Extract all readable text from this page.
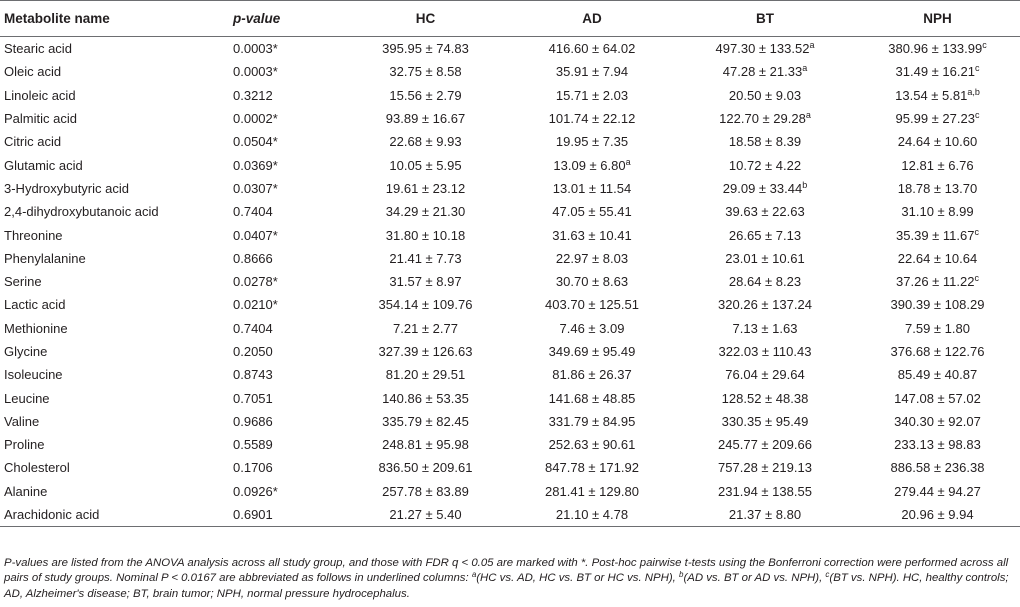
Metabolite name	p-value	HC	AD	BT	NPH
Stearic acid	0.0003*	395.95 ± 74.83	416.60 ± 64.02	497.30 ± 133.52$^a$	380.96 ± 133.99$^c$
Oleic acid	0.0003*	32.75 ± 8.58	35.91 ± 7.94	47.28 ± 21.33$^a$	31.49 ± 16.21$^c$
Linoleic acid	0.3212	15.56 ± 2.79	15.71 ± 2.03	20.50 ± 9.03	$13.54 \pm 5.81^{a,b}$
Palmitic acid	0.0002*	93.89 ± 16.67	101.74 ± 22.12	122.70 ± 29.28$^a$	95.99 ± 27.23$^c$
Citric acid	0.0504*	22.68 ± 9.93	19.95 ± 7.35	18.58 ± 8.39	24.64 ± 10.60
Glutamic acid	0.0369*	10.05 ± 5.95	13.09 ± 6.80$^a$	10.72 ± 4.22	12.81 ± 6.76
3-Hydroxybutyric acid	0.0307*	19.61 ± 23.12	13.01 ± 11.54	29.09 ± 33.44$^b$	18.78 ± 13.70
2,4-dihydroxybutanoic acid	0.7404	34.29 ± 21.30	47.05 ± 55.41	39.63 ± 22.63	31.10 ± 8.99
Threonine	0.0407*	31.80 ± 10.18	31.63 ± 10.41	26.65 ± 7.13	35.39 ± 11.67$^c$
Phenylalanine	0.8666	21.41 ± 7.73	22.97 ± 8.03	23.01 ± 10.61	22.64 ± 10.64
Serine	0.0278*	31.57 ± 8.97	30.70 ± 8.63	28.64 ± 8.23	37.26 ± 11.22$^c$
Lactic acid	0.0210*	354.14 ± 109.76	403.70 ± 125.51	320.26 ± 137.24	390.39 ± 108.29
Methionine	0.7404	7.21 ± 2.77	7.46 ± 3.09	7.13 ± 1.63	7.59 ± 1.80
Glycine	0.2050	327.39 ± 126.63	349.69 ± 95.49	322.03 ± 110.43	376.68 ± 122.76
Isoleucine	0.8743	81.20 ± 29.51	81.86 ± 26.37	76.04 ± 29.64	85.49 ± 40.87
Leucine	0.7051	140.86 ± 53.35	141.68 ± 48.85	128.52 ± 48.38	147.08 ± 57.02
Valine	0.9686	335.79 ± 82.45	331.79 ± 84.95	330.35 ± 95.49	340.30 ± 92.07
Proline	0.5589	248.81 ± 95.98	252.63 ± 90.61	245.77 ± 209.66	233.13 ± 98.83
Cholesterol	0.1706	836.50 ± 209.61	847.78 ± 171.92	757.28 ± 219.13	886.58 ± 236.38
Alanine	0.0926*	257.78 ± 83.89	281.41 ± 129.80	231.94 ± 138.55	279.44 ± 94.27
Arachidonic acid	0.6901	21.27 ± 5.40	21.10 ± 4.78	21.37 ± 8.80	20.96 ± 9.94
P-values are listed from the ANOVA analysis across all study group, and those with FDR q < 0.05 are marked with *. Post-hoc pairwise t-tests using the Bonferroni correction were performed across all pairs of study groups. Nominal P < 0.0167 are abbreviated as follows in underlined columns: $^a$(HC vs. AD, HC vs. BT or HC vs. NPH), $^b$(AD vs. BT or AD vs. NPH), $^c$(BT vs. NPH). HC, healthy controls; AD, Alzheimer's disease; BT, brain tumor; NPH, normal pressure hydrocephalus.
